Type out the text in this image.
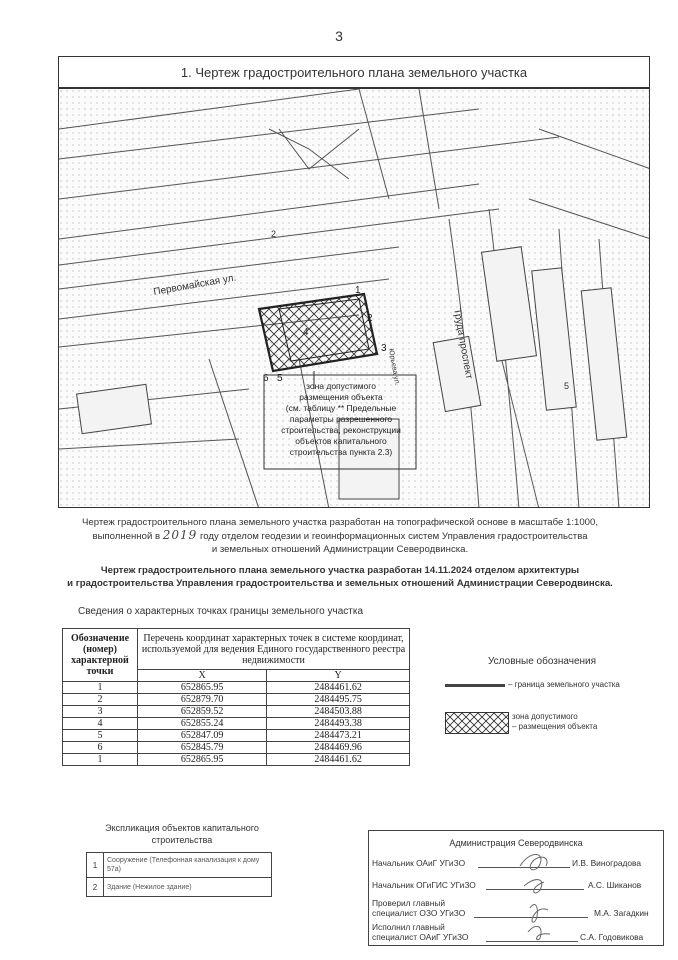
3
1. Чертеж градостроительного плана земельного участка
1
2
3
4
5
6
Первомайская ул.
Труда проспект
Юрьева ул.
2
5
зона допустимого
размещения объекта
(см. таблицу ** Предельные
параметры разрешенного
строительства, реконструкции
объектов капитального
строительства пункта 2.3)
Чертеж градостроительного плана земельного участка разработан на топографической основе в масштабе 1:1000,
выполненной в 2019 году отделом геодезии и геоинформационных систем Управления градостроительства
и земельных отношений Администрации Северодвинска.
Чертеж градостроительного плана земельного участка разработан 14.11.2024 отделом архитектуры
и градостроительства Управления градостроительства и земельных отношений Администрации Северодвинска.
Сведения о характерных точках границы земельного участка
Обозначение (номер) характерной точки	Перечень координат характерных точек в системе координат, используемой для ведения Единого государственного реестра недвижимости	
	X	Y
1	652865.95	2484461.62
2	652879.70	2484495.75
3	652859.52	2484503.88
4	652855.24	2484493.38
5	652847.09	2484473.21
6	652845.79	2484469.96
1	652865.95	2484461.62
Условные обозначения
– граница земельного участка
зона допустимого
– размещения объекта
Экспликация объектов капитального
строительства
1	Сооружение (Телефонная канализация к дому 57а)
2	Здание (Нежилое здание)
Администрация Северодвинска
Начальник ОАиГ УГиЗО	И.В. Виноградова
Начальник ОГиГИС УГиЗО	А.С. Шиканов
Проверил главный
специалист ОЗО УГиЗО	М.А. Загадкин
Исполнил главный
специалист ОАиГ УГиЗО	С.А. Годовикова
